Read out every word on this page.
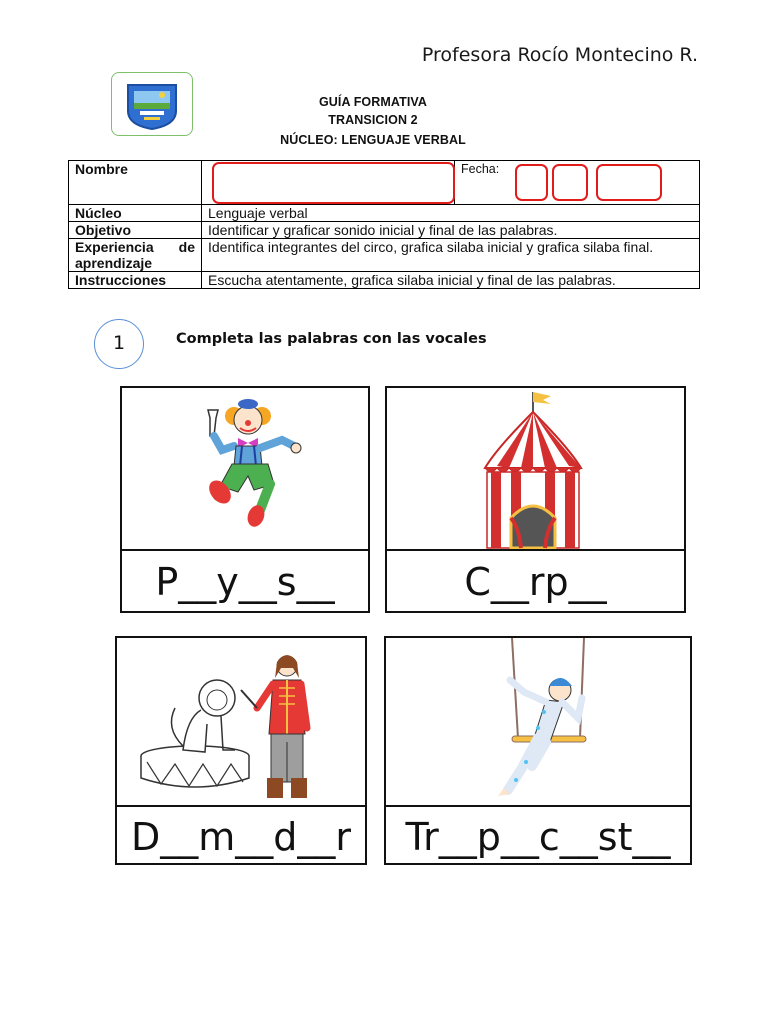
Profesora Rocío Montecino R.
GUÍA FORMATIVA
TRANSICION 2
NÚCLEO: LENGUAJE VERBAL
Nombre		Fecha:
Núcleo	Lenguaje verbal	
Objetivo	Identificar y graficar sonido inicial y final de las palabras.	

Experiencia de
aprendizaje	Identifica integrantes del circo, grafica silaba inicial y grafica silaba final.	
Instrucciones	Escucha atentamente, grafica silaba inicial y final de las palabras.	
1	Completa las palabras con las vocales
P__y__s__	C__rp__
D__m__d__r	Tr__p__c__st__
